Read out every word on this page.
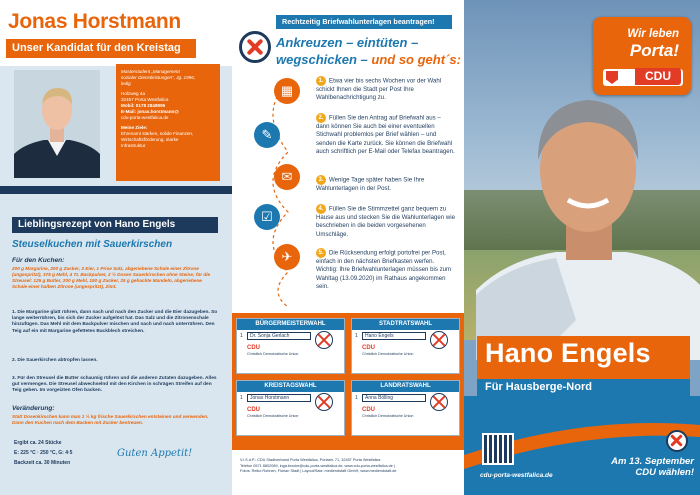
Jonas Horstmann
Unser Kandidat für den Kreistag
Masterstudent „Management
sozialer Dienstleistungen“, Jg. 1996,
ledig
Holzweg 4a
32457 Porta Westfalica
Mobil: 0178 2848995
E-Mail: jonas.horstmann@
cdu-porta-westfalica.de
Meine Ziele:
Ehrenamt stärken, solide Finanzen,
Wirtschaftsförderung, starke
Infrastruktur
Lieblingsrezept von Hano Engels
Steuselkuchen mit Sauerkirschen
Für den Kuchen:
200 g Margarine, 200 g Zucker, 3 Eier, 1 Prise Salz, abgeriebene Schale einer Zitrone (ungespritzt), 375 g Mehl, 4 TL Backpulver, 2 ½ Dosen Sauerkirschen ohne Steine; für die Streusel: 125 g Butter, 200 g Mehl, 150 g Zucker, 25 g gehackte Mandeln, abgeriebene Schale einer halben Zitrone (ungespritzt), Zimt.
1. Die Margarine glatt rühren, dann nach und nach den Zucker und die Eier dazugeben. So lange weiterrühren, bis sich der Zucker aufgelöst hat. Das Salz und die Zitronenschale hinzufügen. Das Mehl mit dem Backpulver mischen und nach und nach unterrühren. Den Teig auf ein mit Margarine gefettetes Backblech streichen.
2. Die Sauerkirchen abtropfen lassen.
3. Für den Streusel die Butter schaumig rühren und die anderen Zutaten dazugeben. Alles gut vermengen. Die Streusel abwechselnd mit den Kirchen in schrägen Streifen auf den Teig geben. Im vorgeizten Ofen backen.
Veränderung:
Statt Dosenkirschen kann man 1 ½ kg frische Sauerkirschen entsteinen und verwenden. Dann den Kuchen nach dem Backen mit Zucker bestreuen.
Ergibt ca. 24 Stücke
E: 225 °C · 250 °C, G: 4·5
Backzeit ca. 30 Minuten
Guten Appetit!
Rechtzeitig Briefwahlunterlagen beantragen!
Ankreuzen – eintüten –
wegschicken – und so geht´s:
▦
✎
✉
☑
✈
1. Etwa vier bis sechs Wochen vor der Wahl schickt Ihnen die Stadt per Post Ihre Wahlbenachrichtigung zu.
2. Füllen Sie den Antrag auf Briefwahl aus – dann können Sie auch bei einer eventuellen Stichwahl problemlos per Brief wählen – und senden die Karte zurück. Sie können die Briefwahl auch schriftlich per E-Mail oder Telefax beantragen.
3. Wenige Tage später haben Sie Ihre Wahlunterlagen in der Post.
4. Füllen Sie die Stimmzettel ganz bequem zu Hause aus und stecken Sie die Wahlunterlagen wie beschrieben in die beiden vorgesehenen Umschläge.
5. Die Rücksendung erfolgt portofrei per Post, einfach in den nächsten Briefkasten werfen. Wichtig: Ihre Briefwahlunterlagen müssen bis zum Wahltag (13.09.2020) im Rathaus angekommen sein.
BÜRGERMEISTERWAHL
1	Dr. Sonja Gerlach
CDU
Christlich Demokratische Union
STADTRATSWAHL
1	Hano Engels
CDU
Christlich Demokratische Union
KREISTAGSWAHL
1	Jonas Horstmann
CDU
Christlich Demokratische Union
LANDRATSWAHL
1	Anna Bölling
CDU
Christlich Demokratische Union
V.i.S.d.P.: CDU Stadtverband Porta Westfalica, Portastr. 71, 32457 Porta Westfalica
Telefon 0571 8802089, inga.brocke@cdu-porta-westfalica.de, www.cdu-porta-westfalica.de |
Fotos: Reiko Rohnen, Florian Stadt | Layout/Satz: mediendstatt GmbH, www.mediendstatt.de
Wir leben
Porta!
CDU
Hano Engels
Für Hausberge-Nord
cdu-porta-westfalica.de
Am 13. September
CDU wählen!
